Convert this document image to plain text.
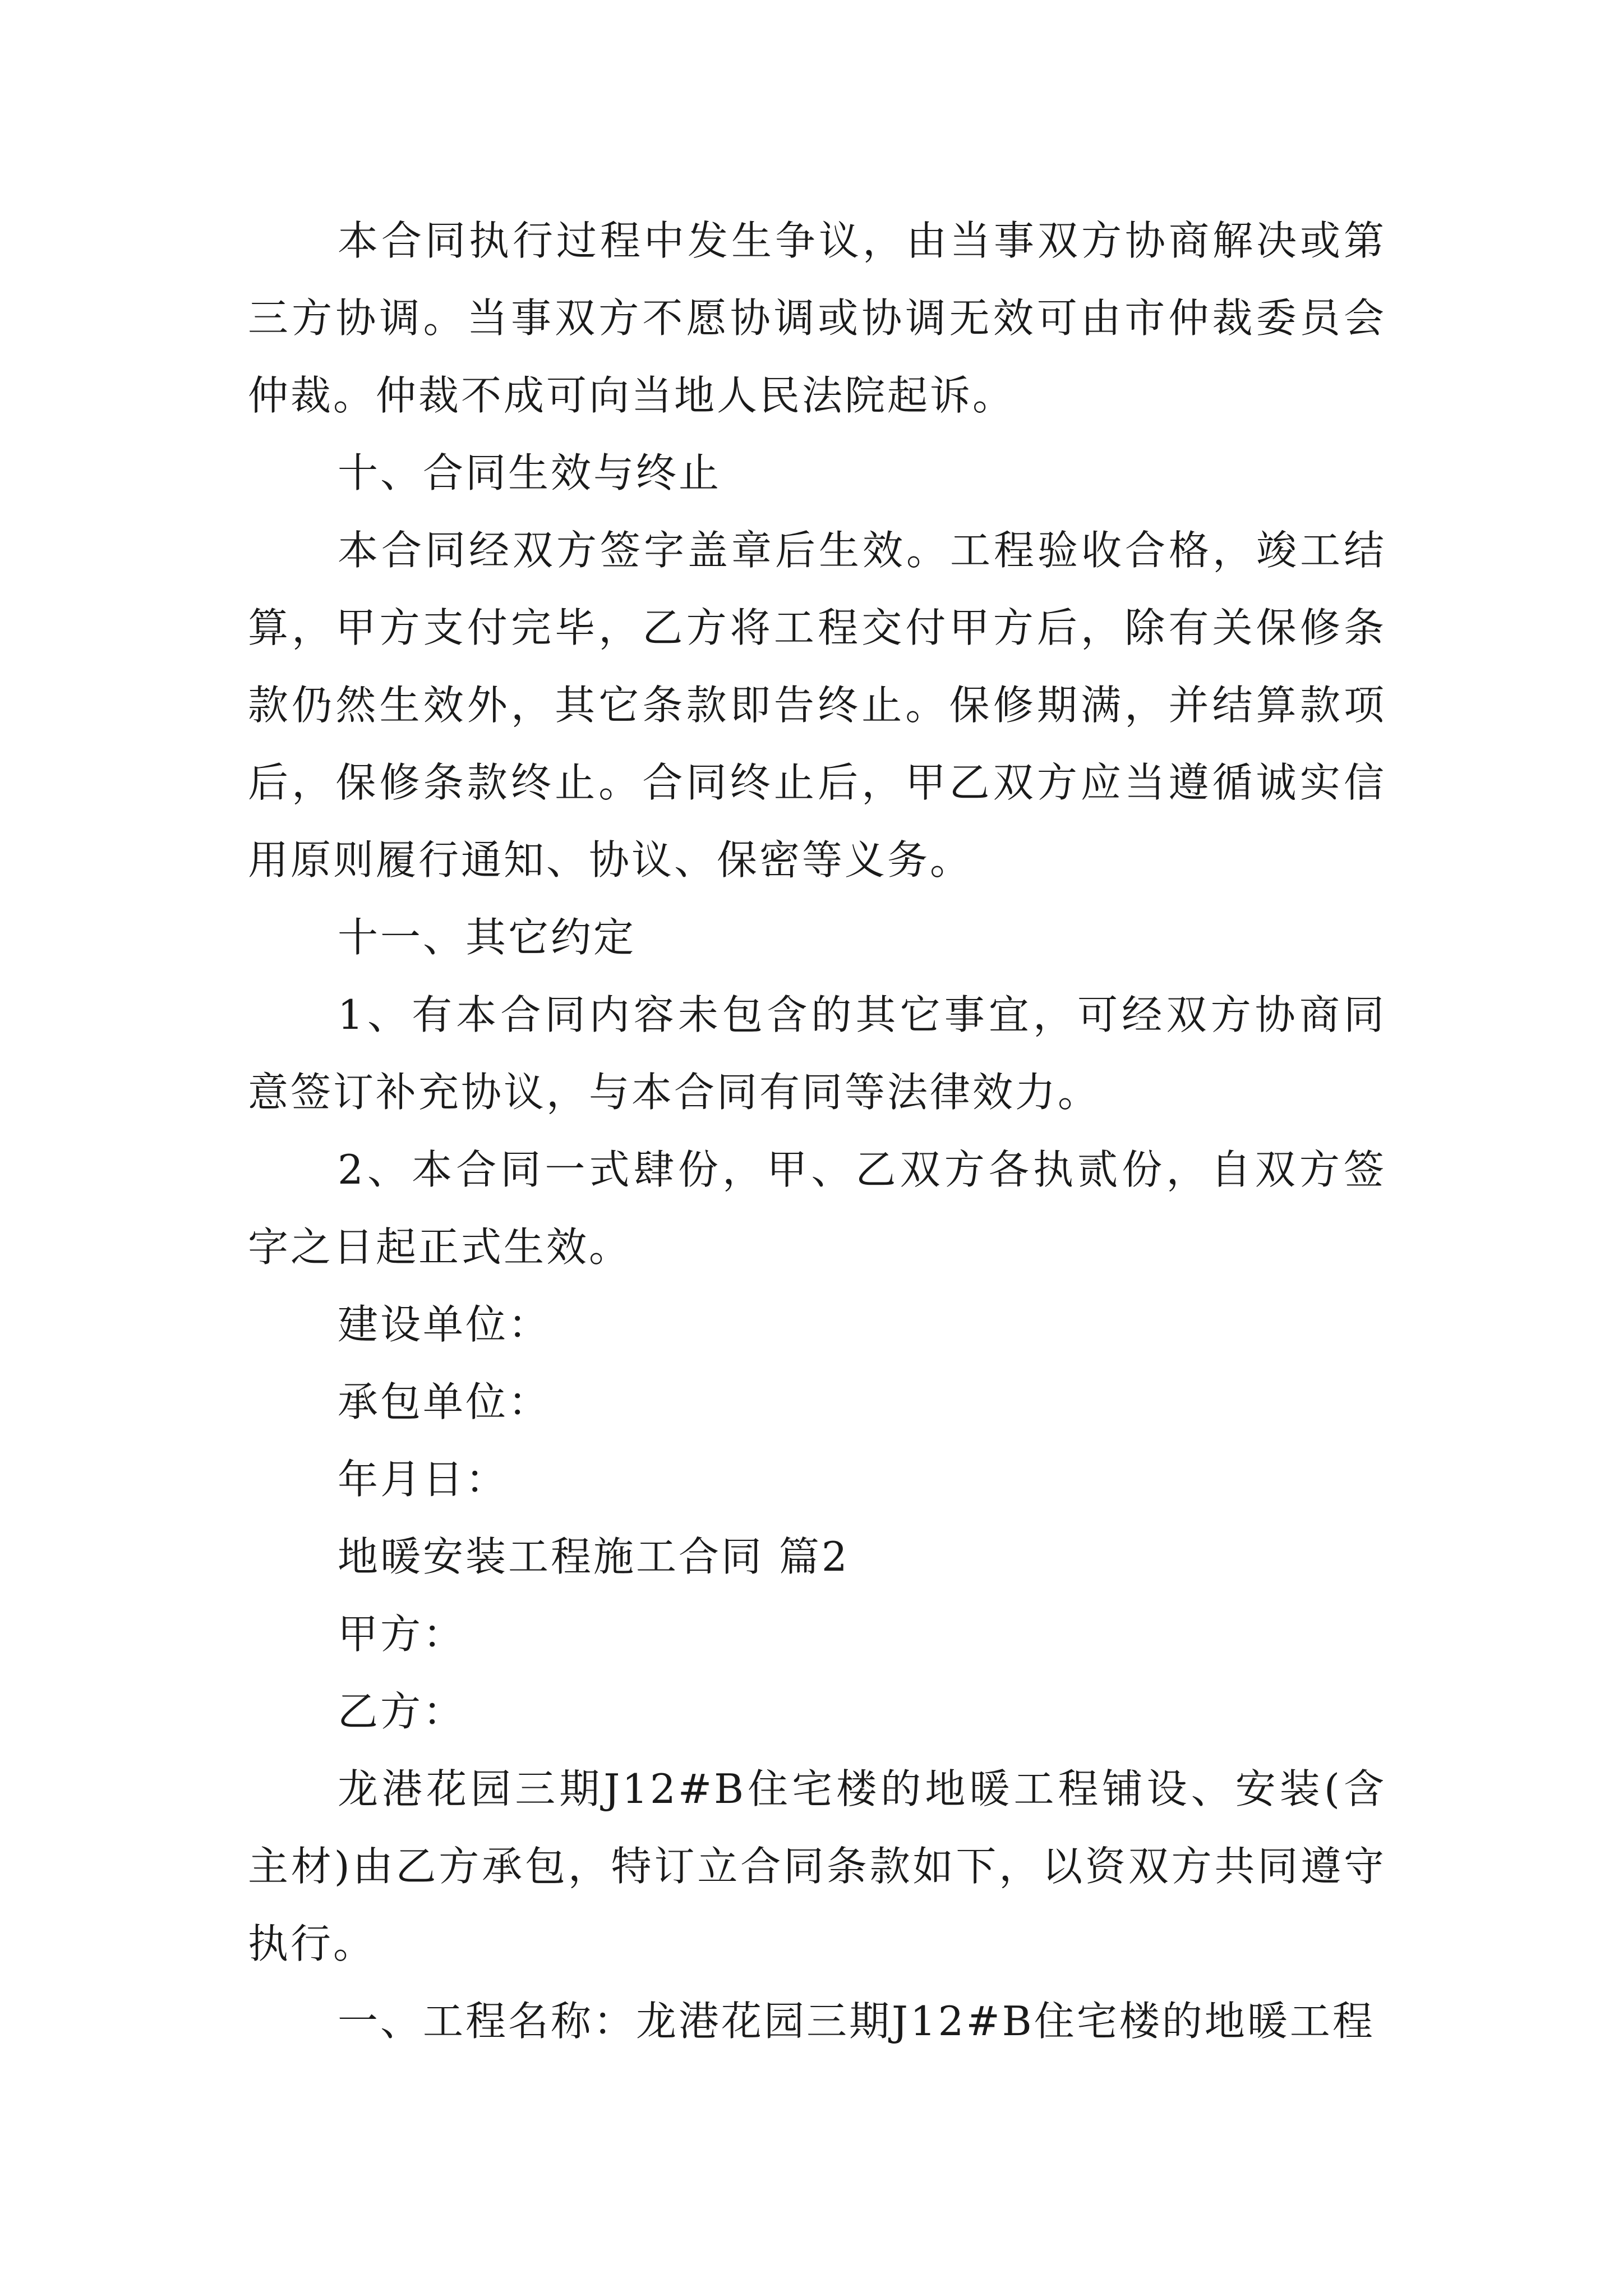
本合同执行过程中发生争议，由当事双方协商解决或第三方协调。当事双方不愿协调或协调无效可由市仲裁委员会仲裁。仲裁不成可向当地人民法院起诉。

十、合同生效与终止

本合同经双方签字盖章后生效。工程验收合格，竣工结算，甲方支付完毕，乙方将工程交付甲方后，除有关保修条款仍然生效外，其它条款即告终止。保修期满，并结算款项后，保修条款终止。合同终止后，甲乙双方应当遵循诚实信用原则履行通知、协议、保密等义务。

十一、其它约定

1、有本合同内容未包含的其它事宜，可经双方协商同意签订补充协议，与本合同有同等法律效力。

2、本合同一式肆份，甲、乙双方各执贰份，自双方签字之日起正式生效。

建设单位：

承包单位：

年月日：

地暖安装工程施工合同 篇2

甲方：

乙方：

龙港花园三期J12#B住宅楼的地暖工程铺设、安装(含主材)由乙方承包，特订立合同条款如下，以资双方共同遵守执行。

一、工程名称：龙港花园三期J12#B住宅楼的地暖工程
